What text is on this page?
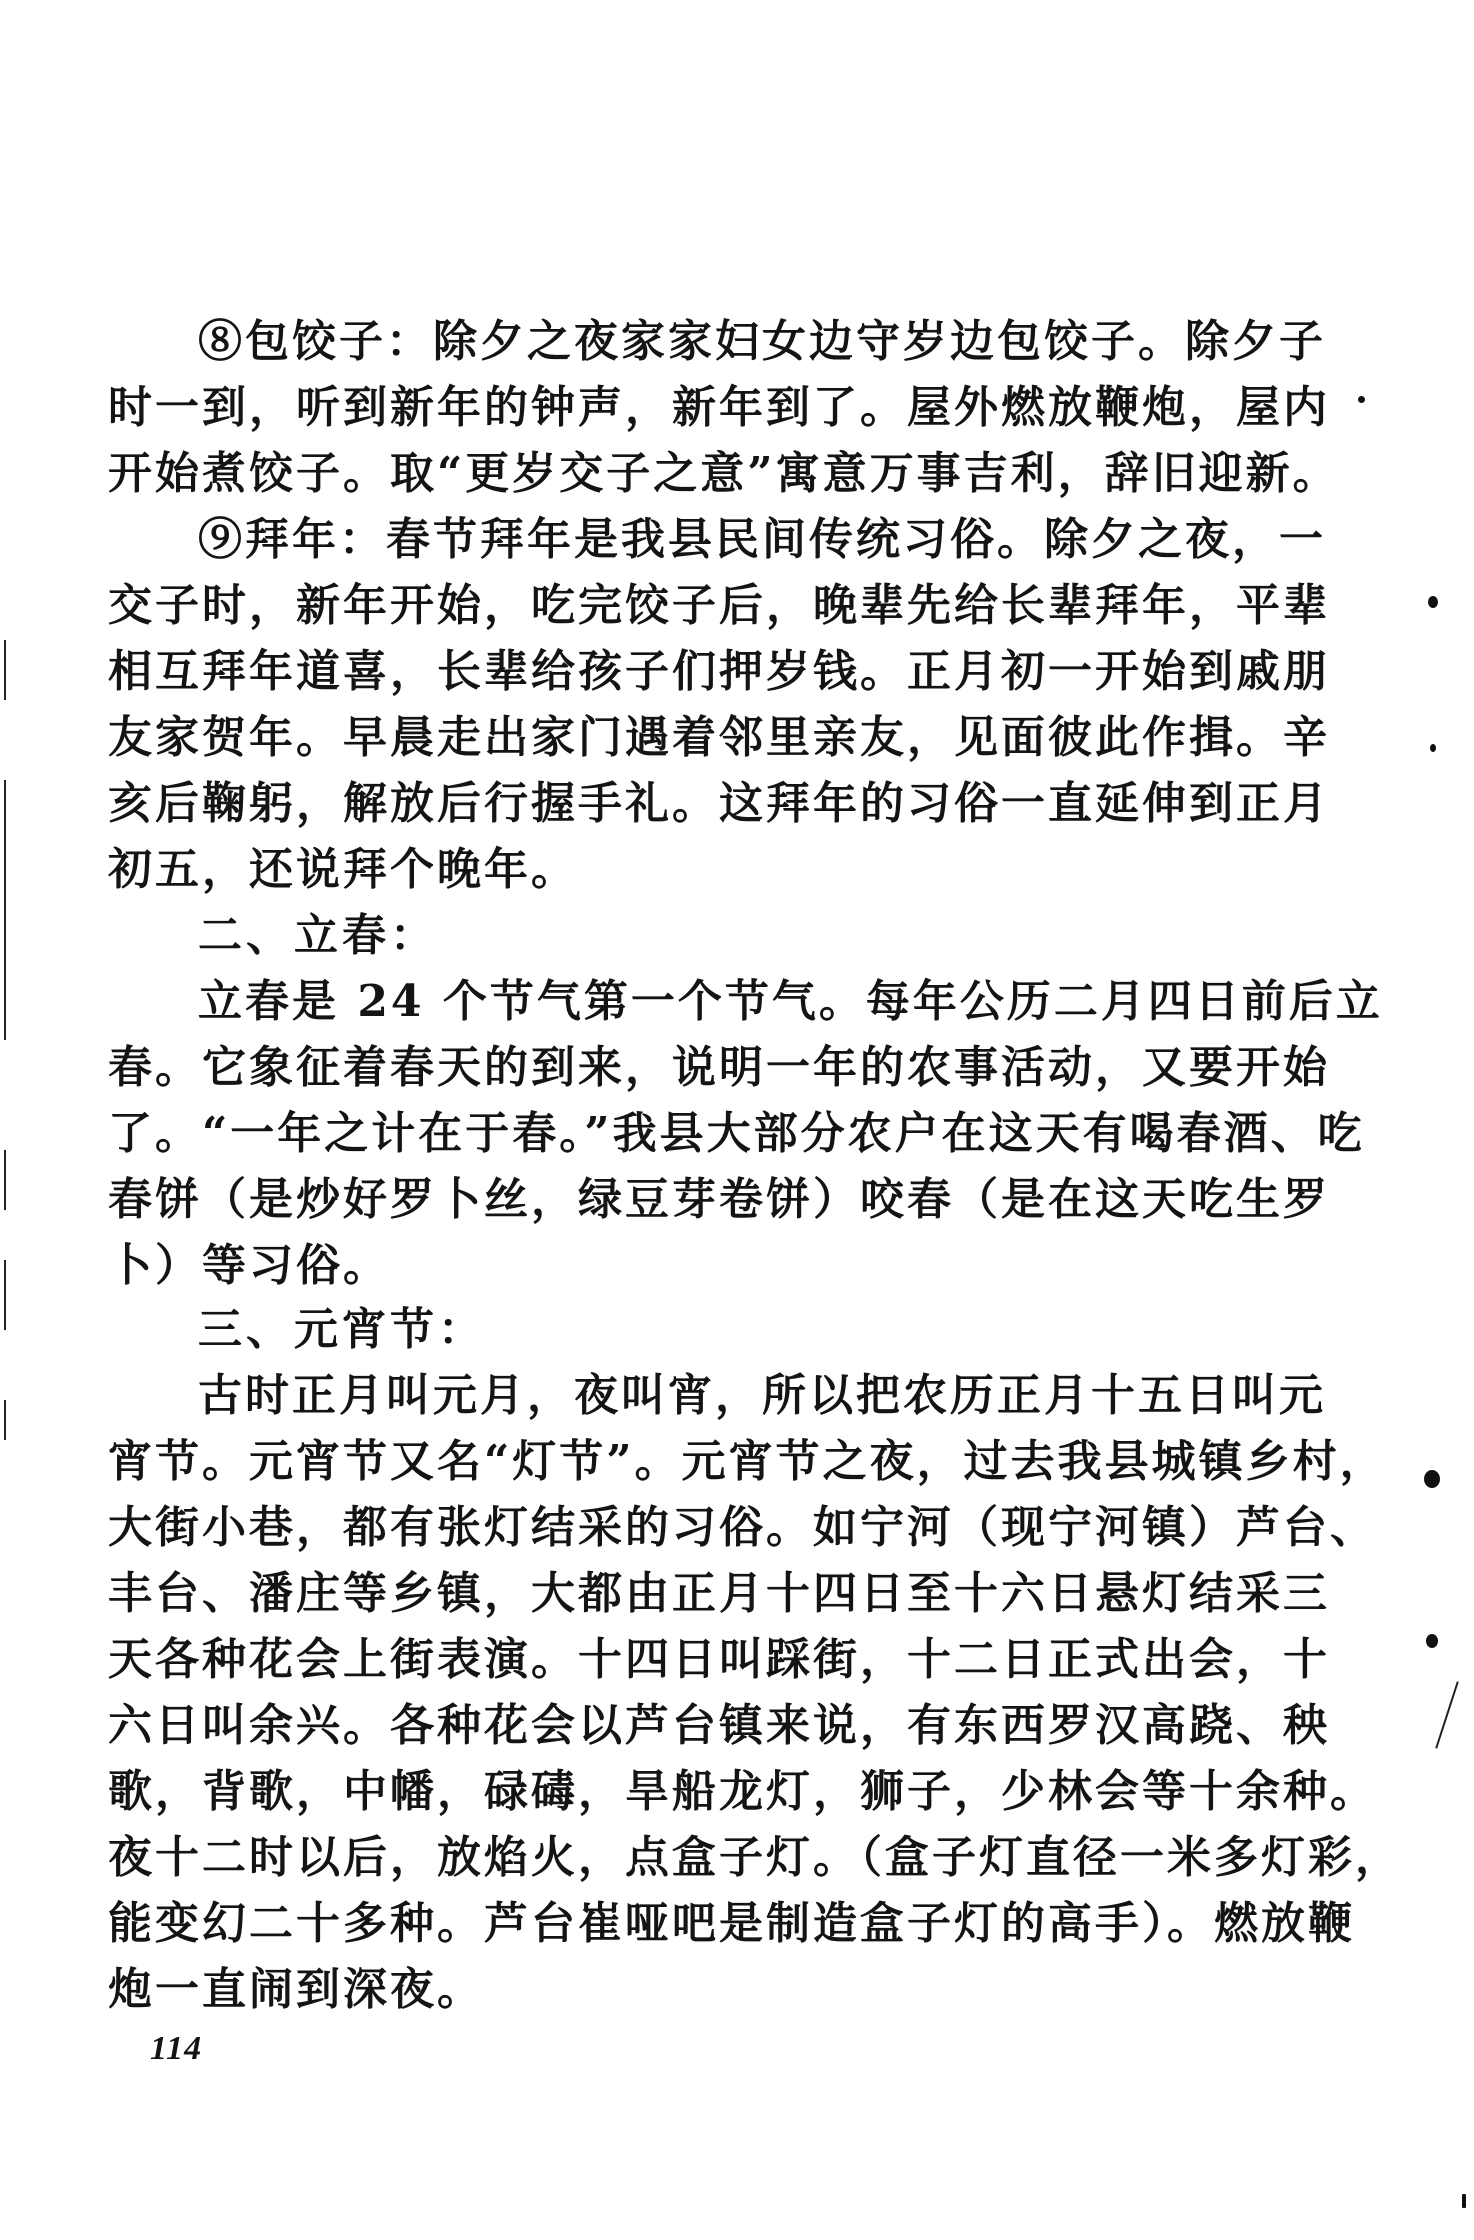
⑧包饺子：除夕之夜家家妇女边守岁边包饺子。除夕子
时一到，听到新年的钟声，新年到了。屋外燃放鞭炮，屋内
开始煮饺子。取“更岁交子之意”寓意万事吉利，辞旧迎新。
⑨拜年：春节拜年是我县民间传统习俗。除夕之夜，一
交子时，新年开始，吃完饺子后，晚辈先给长辈拜年，平辈
相互拜年道喜，长辈给孩子们押岁钱。正月初一开始到戚朋
友家贺年。早晨走出家门遇着邻里亲友，见面彼此作揖。辛
亥后鞠躬，解放后行握手礼。这拜年的习俗一直延伸到正月
初五，还说拜个晚年。
二、立春：
立春是 24 个节气第一个节气。每年公历二月四日前后立
春。它象征着春天的到来，说明一年的农事活动，又要开始
了。“一年之计在于春。”我县大部分农户在这天有喝春酒、吃
春饼（是炒好罗卜丝，绿豆芽卷饼）咬春（是在这天吃生罗
卜）等习俗。
三、元宵节：
古时正月叫元月，夜叫宵，所以把农历正月十五日叫元
宵节。元宵节又名“灯节”。元宵节之夜，过去我县城镇乡村，
大街小巷，都有张灯结采的习俗。如宁河（现宁河镇）芦台、
丰台、潘庄等乡镇，大都由正月十四日至十六日悬灯结采三
天各种花会上街表演。十四日叫踩街，十二日正式出会，十
六日叫余兴。各种花会以芦台镇来说，有东西罗汉高跷、秧
歌，背歌，中幡，碌碡，旱船龙灯，狮子，少林会等十余种。
夜十二时以后，放焰火，点盒子灯。（盒子灯直径一米多灯彩，
能变幻二十多种。芦台崔哑吧是制造盒子灯的高手）。燃放鞭
炮一直闹到深夜。
114
